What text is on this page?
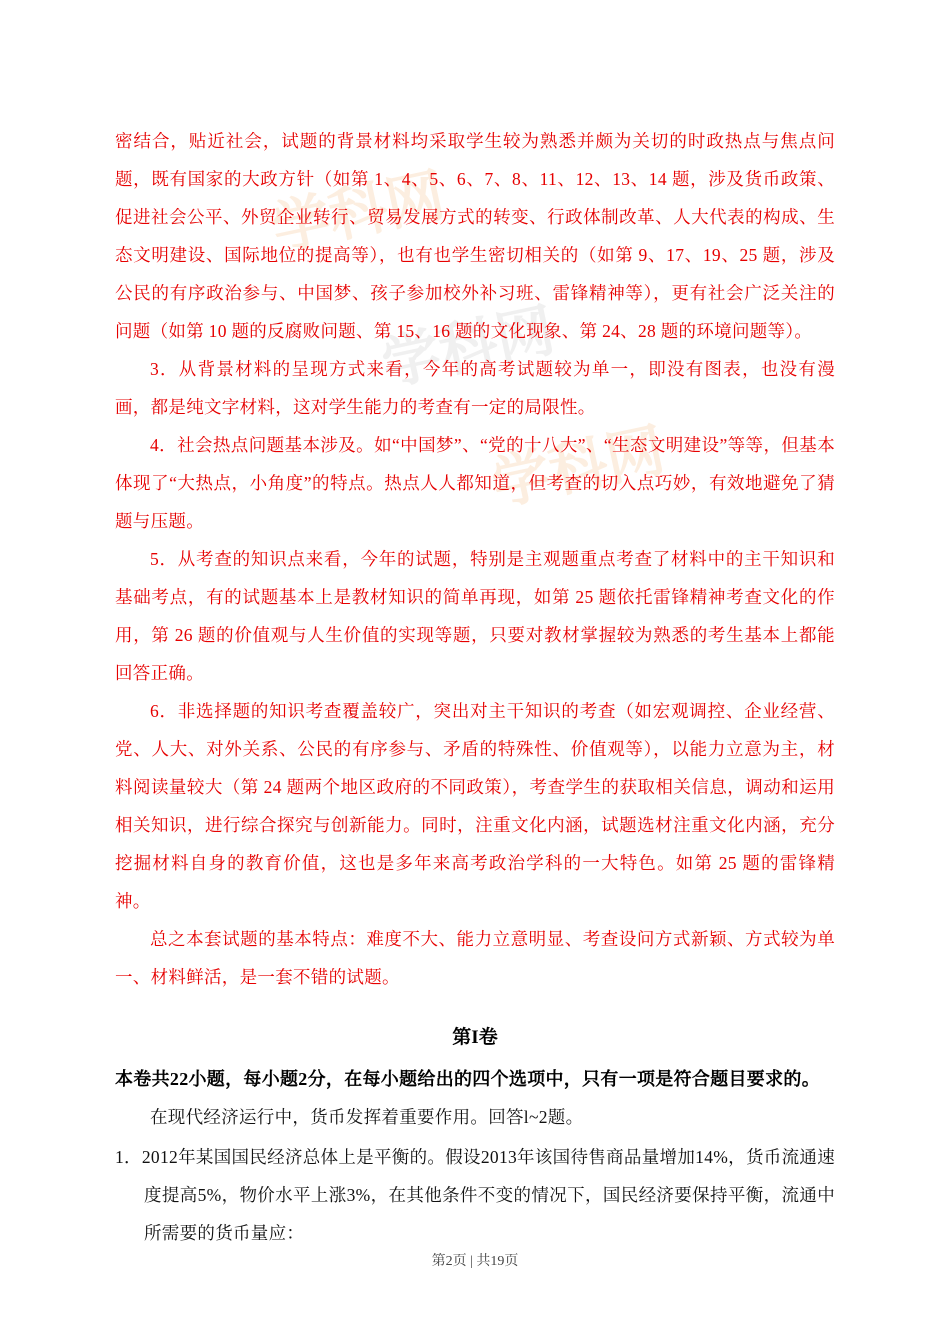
学科网
学科网
学科网

密结合，贴近社会，试题的背景材料均采取学生较为熟悉并颇为关切的时政热点与焦点问题，既有国家的大政方针（如第 1、4、5、6、7、8、11、12、13、14 题，涉及货币政策、促进社会公平、外贸企业转行、贸易发展方式的转变、行政体制改革、人大代表的构成、生态文明建设、国际地位的提高等），也有也学生密切相关的（如第 9、17、19、25 题，涉及公民的有序政治参与、中国梦、孩子参加校外补习班、雷锋精神等），更有社会广泛关注的问题（如第 10 题的反腐败问题、第 15、16 题的文化现象、第 24、28 题的环境问题等）。

3．从背景材料的呈现方式来看，今年的高考试题较为单一，即没有图表，也没有漫画，都是纯文字材料，这对学生能力的考查有一定的局限性。

4．社会热点问题基本涉及。如“中国梦”、“党的十八大”、“生态文明建设”等等，但基本体现了“大热点，小角度”的特点。热点人人都知道，但考查的切入点巧妙，有效地避免了猜题与压题。

5．从考查的知识点来看，今年的试题，特别是主观题重点考查了材料中的主干知识和基础考点，有的试题基本上是教材知识的简单再现，如第 25 题依托雷锋精神考查文化的作用，第 26 题的价值观与人生价值的实现等题，只要对教材掌握较为熟悉的考生基本上都能回答正确。

6．非选择题的知识考查覆盖较广，突出对主干知识的考查（如宏观调控、企业经营、党、人大、对外关系、公民的有序参与、矛盾的特殊性、价值观等），以能力立意为主，材料阅读量较大（第 24 题两个地区政府的不同政策），考查学生的获取相关信息，调动和运用相关知识，进行综合探究与创新能力。同时，注重文化内涵，试题选材注重文化内涵，充分挖掘材料自身的教育价值，这也是多年来高考政治学科的一大特色。如第 25 题的雷锋精神。

总之本套试题的基本特点：难度不大、能力立意明显、考查设问方式新颖、方式较为单一、材料鲜活，是一套不错的试题。

第I卷

本卷共22小题，每小题2分，在每小题给出的四个选项中，只有一项是符合题目要求的。

在现代经济运行中，货币发挥着重要作用。回答l~2题。

1．2012年某国国民经济总体上是平衡的。假设2013年该国待售商品量增加14%，货币流通速度提高5%，物价水平上涨3%，在其他条件不变的情况下，国民经济要保持平衡，流通中所需要的货币量应：

第2页 | 共19页
